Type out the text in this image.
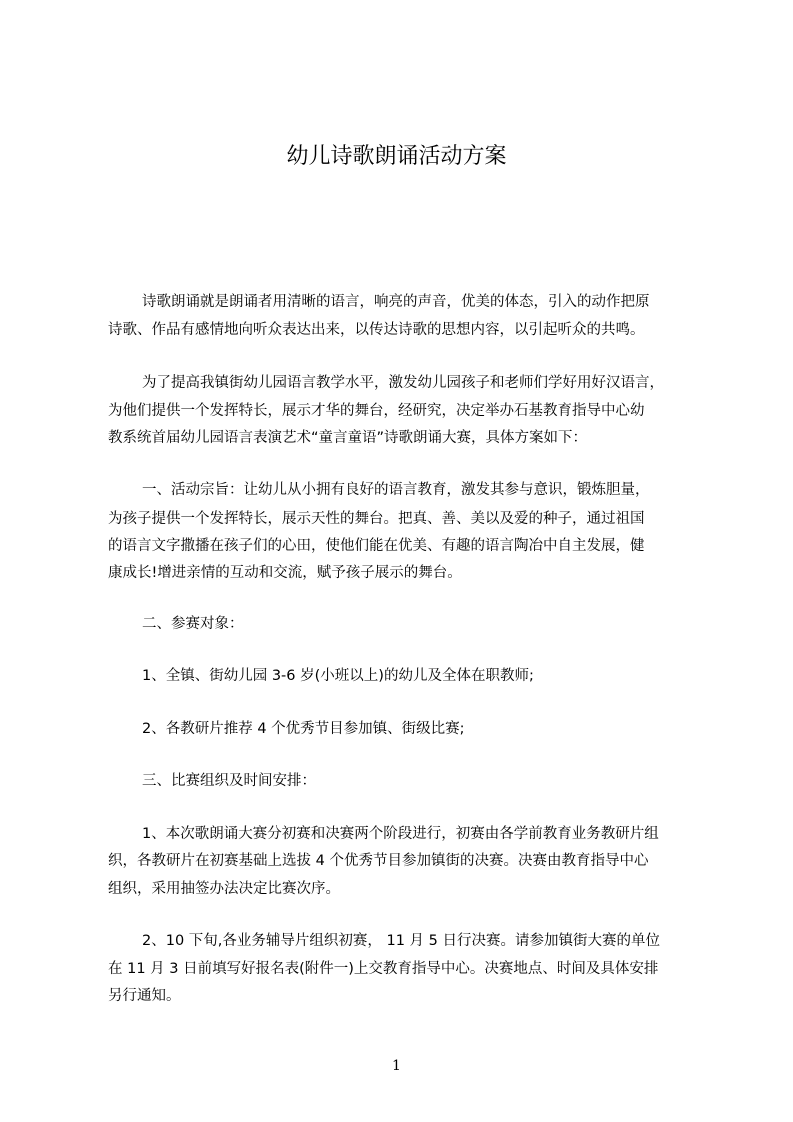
幼儿诗歌朗诵活动方案
诗歌朗诵就是朗诵者用清晰的语言，响亮的声音，优美的体态，引入的动作把原
诗歌、作品有感情地向听众表达出来，以传达诗歌的思想内容，以引起听众的共鸣。
为了提高我镇街幼儿园语言教学水平，激发幼儿园孩子和老师们学好用好汉语言，
为他们提供一个发挥特长，展示才华的舞台，经研究，决定举办石基教育指导中心幼
教系统首届幼儿园语言表演艺术“童言童语”诗歌朗诵大赛，具体方案如下：
一、活动宗旨：让幼儿从小拥有良好的语言教育，激发其参与意识，锻炼胆量，
为孩子提供一个发挥特长，展示天性的舞台。把真、善、美以及爱的种子，通过祖国
的语言文字撒播在孩子们的心田，使他们能在优美、有趣的语言陶冶中自主发展，健
康成长!增进亲情的互动和交流，赋予孩子展示的舞台。
二、参赛对象：
1、全镇、街幼儿园 3-6 岁(小班以上)的幼儿及全体在职教师;
2、各教研片推荐 4 个优秀节目参加镇、街级比赛;
三、比赛组织及时间安排：
1、本次歌朗诵大赛分初赛和决赛两个阶段进行，初赛由各学前教育业务教研片组
织，各教研片在初赛基础上选拔 4 个优秀节目参加镇街的决赛。决赛由教育指导中心
组织，采用抽签办法决定比赛次序。
2、10 下旬,各业务辅导片组织初赛， 11 月 5 日行决赛。请参加镇街大赛的单位
在 11 月 3 日前填写好报名表(附件一)上交教育指导中心。决赛地点、时间及具体安排
另行通知。
1
